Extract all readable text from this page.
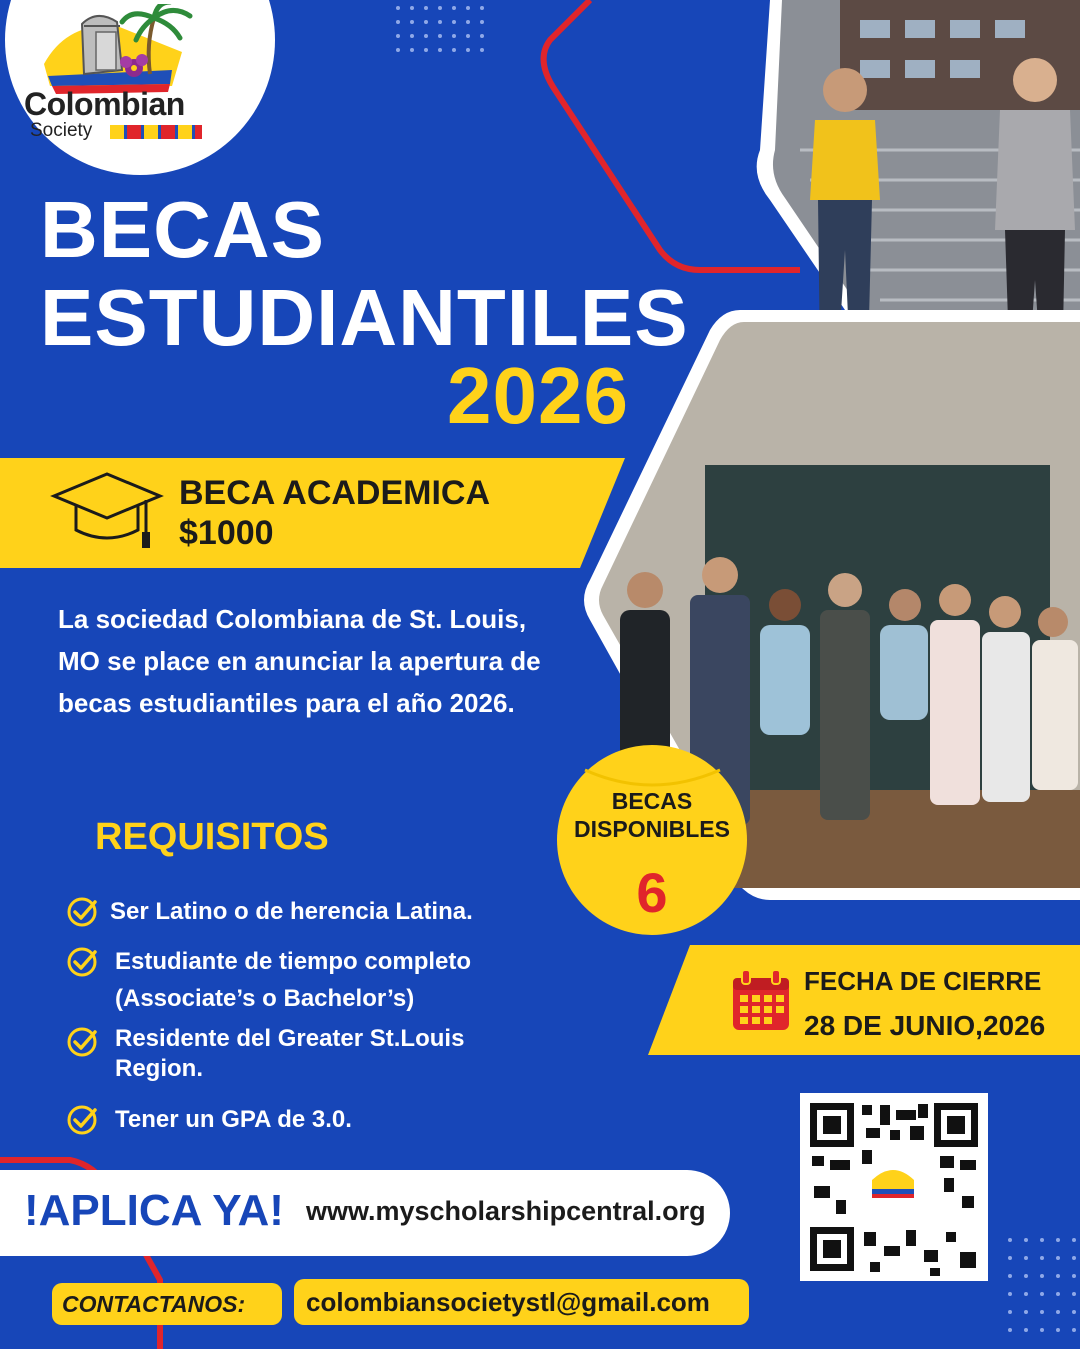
Colombian
Society
BECAS
ESTUDIANTILES
2026
BECA ACADEMICA
$1000
La sociedad Colombiana de St. Louis, MO se place en anunciar la apertura de becas estudiantiles para el año 2026.
BECAS
DISPONIBLES
6
REQUISITOS
Ser Latino o de herencia Latina.
Estudiante de tiempo completo
(Associate’s o Bachelor’s)
Residente del Greater St.Louis
Region.
Tener un GPA de 3.0.
FECHA DE CIERRE
28 DE JUNIO,2026
!APLICA YA! www.myscholarshipcentral.org
CONTACTANOS: colombiansocietystl@gmail.com
